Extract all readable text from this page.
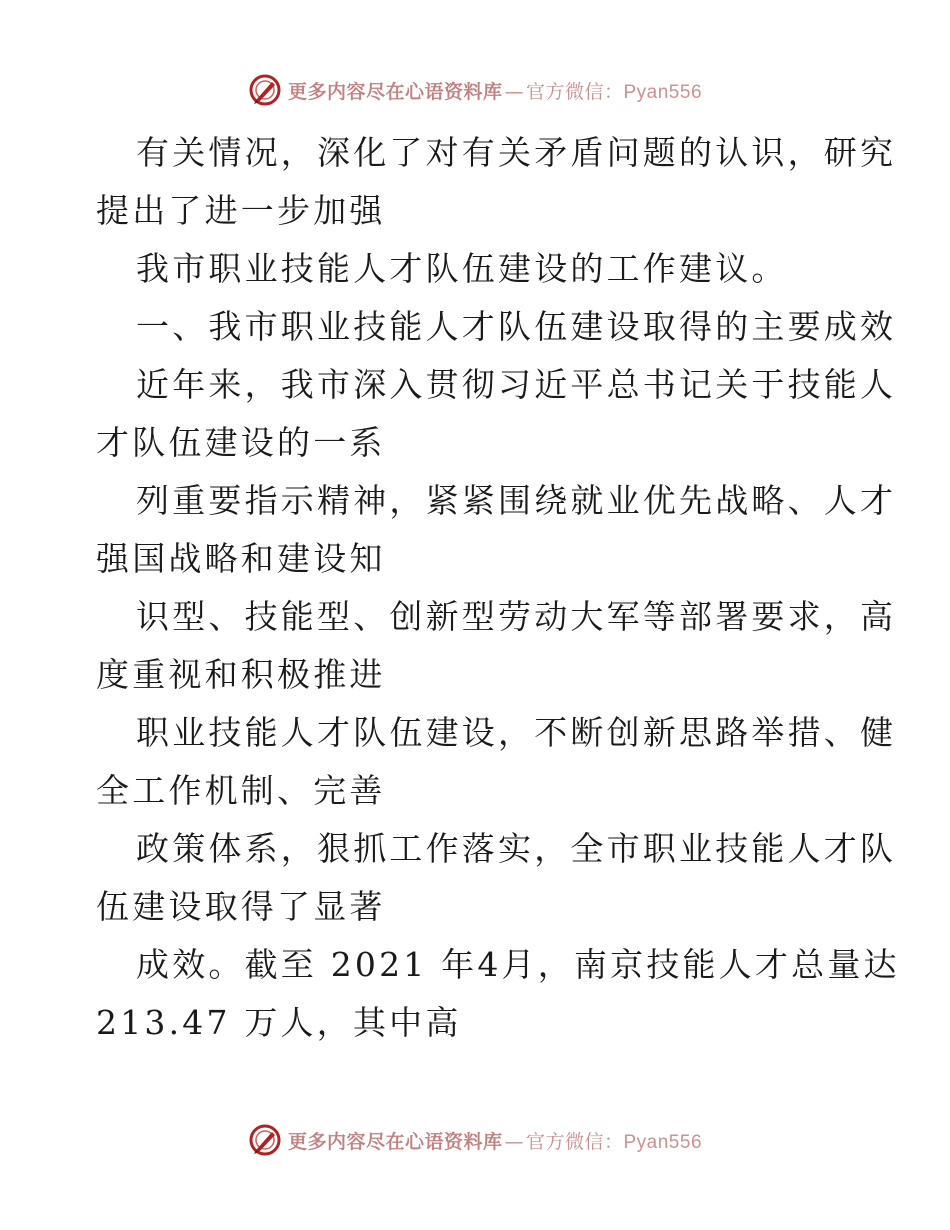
更多内容尽在心语资料库 — 官方微信：Pyan556
有关情况，深化了对有关矛盾问题的认识，研究
提出了进一步加强
我市职业技能人才队伍建设的工作建议。
一、我市职业技能人才队伍建设取得的主要成效
近年来，我市深入贯彻习近平总书记关于技能人
才队伍建设的一系
列重要指示精神，紧紧围绕就业优先战略、人才
强国战略和建设知
识型、技能型、创新型劳动大军等部署要求，高
度重视和积极推进
职业技能人才队伍建设，不断创新思路举措、健
全工作机制、完善
政策体系，狠抓工作落实，全市职业技能人才队
伍建设取得了显著
成效。截至 2021 年4月，南京技能人才总量达
213.47 万人，其中高
更多内容尽在心语资料库 — 官方微信：Pyan556
